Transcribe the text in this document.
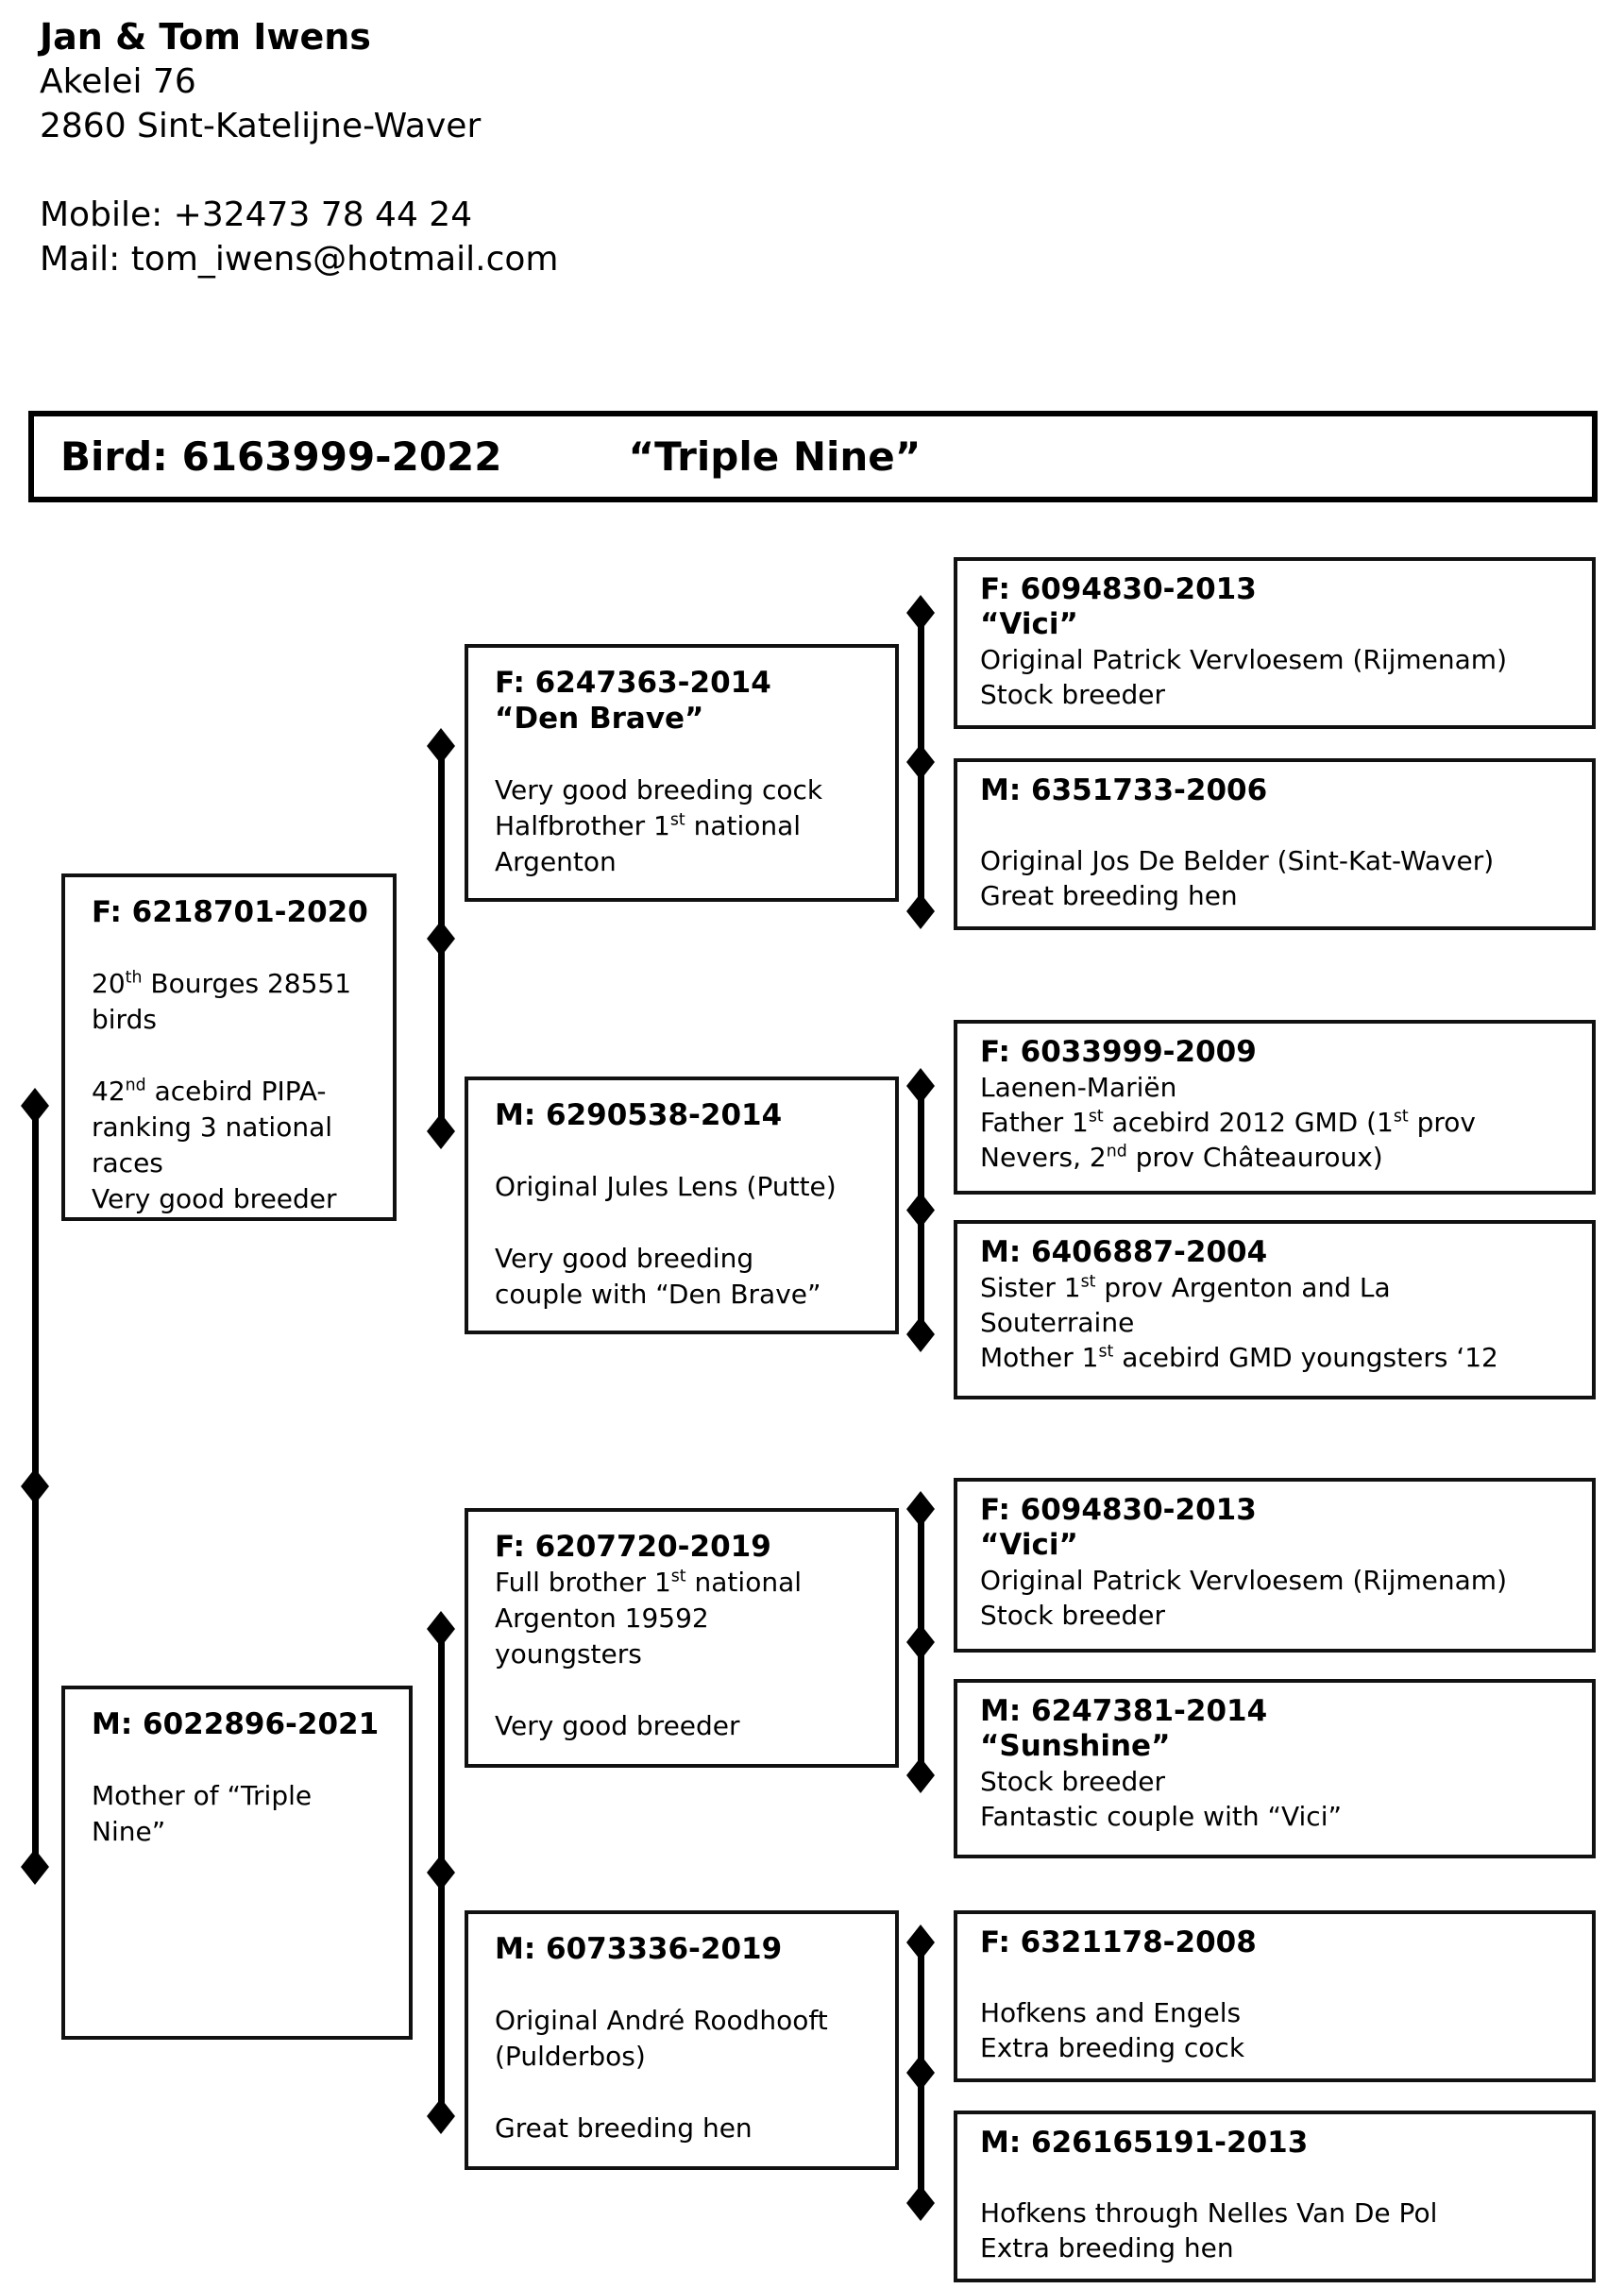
Jan & Tom Iwens
Akelei 76
2860 Sint-Katelijne-Waver

Mobile: +32473 78 44 24
Mail: tom_iwens@hotmail.com
Bird: 6163999-2022	“Triple Nine”
F: 6218701-2020

20th Bourges 28551
birds

42nd acebird PIPA-
ranking 3 national
races
Very good breeder
M: 6022896-2021

Mother of “Triple
Nine”
F: 6247363-2014
“Den Brave”

Very good breeding cock
Halfbrother 1st national
Argenton
M: 6290538-2014

Original Jules Lens (Putte)

Very good breeding
couple with “Den Brave”
F: 6207720-2019
Full brother 1st national
Argenton 19592
youngsters

Very good breeder
M: 6073336-2019

Original André Roodhooft
(Pulderbos)

Great breeding hen
F: 6094830-2013
“Vici”
Original Patrick Vervloesem (Rijmenam)
Stock breeder
M: 6351733-2006

Original Jos De Belder (Sint-Kat-Waver)
Great breeding hen
F: 6033999-2009
Laenen-Mariën
Father 1st acebird 2012 GMD (1st prov
Nevers, 2nd prov Châteauroux)
M: 6406887-2004
Sister 1st prov Argenton and La
Souterraine
Mother 1st acebird GMD youngsters ‘12
F: 6094830-2013
“Vici”
Original Patrick Vervloesem (Rijmenam)
Stock breeder
M: 6247381-2014
“Sunshine”
Stock breeder
Fantastic couple with “Vici”
F: 6321178-2008

Hofkens and Engels
Extra breeding cock
M: 626165191-2013

Hofkens through Nelles Van De Pol
Extra breeding hen
